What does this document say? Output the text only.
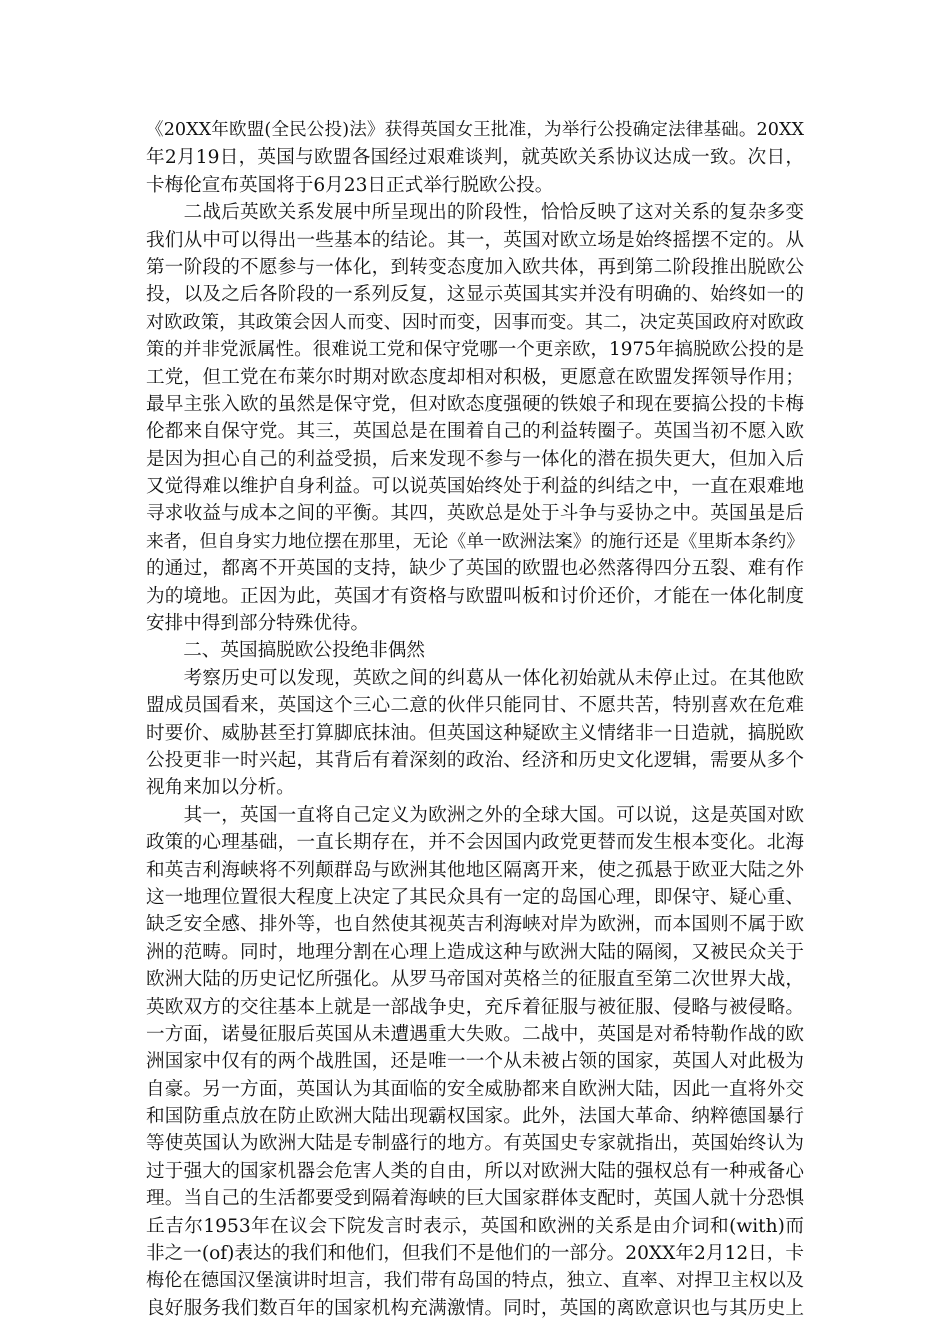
《20XX年欧盟(全民公投)法》获得英国女王批准，为举行公投确定法律基础。20XX
年2月19日，英国与欧盟各国经过艰难谈判，就英欧关系协议达成一致。次日，
卡梅伦宣布英国将于6月23日正式举行脱欧公投。
　　二战后英欧关系发展中所呈现出的阶段性，恰恰反映了这对关系的复杂多变
我们从中可以得出一些基本的结论。其一，英国对欧立场是始终摇摆不定的。从
第一阶段的不愿参与一体化，到转变态度加入欧共体，再到第二阶段推出脱欧公
投，以及之后各阶段的一系列反复，这显示英国其实并没有明确的、始终如一的
对欧政策，其政策会因人而变、因时而变，因事而变。其二，决定英国政府对欧政
策的并非党派属性。很难说工党和保守党哪一个更亲欧，1975年搞脱欧公投的是
工党，但工党在布莱尔时期对欧态度却相对积极，更愿意在欧盟发挥领导作用；
最早主张入欧的虽然是保守党，但对欧态度强硬的铁娘子和现在要搞公投的卡梅
伦都来自保守党。其三，英国总是在围着自己的利益转圈子。英国当初不愿入欧
是因为担心自己的利益受损，后来发现不参与一体化的潜在损失更大，但加入后
又觉得难以维护自身利益。可以说英国始终处于利益的纠结之中，一直在艰难地
寻求收益与成本之间的平衡。其四，英欧总是处于斗争与妥协之中。英国虽是后
来者，但自身实力地位摆在那里，无论《单一欧洲法案》的施行还是《里斯本条约》
的通过，都离不开英国的支持，缺少了英国的欧盟也必然落得四分五裂、难有作
为的境地。正因为此，英国才有资格与欧盟叫板和讨价还价，才能在一体化制度
安排中得到部分特殊优待。
　　二、英国搞脱欧公投绝非偶然
　　考察历史可以发现，英欧之间的纠葛从一体化初始就从未停止过。在其他欧
盟成员国看来，英国这个三心二意的伙伴只能同甘、不愿共苦，特别喜欢在危难
时要价、威胁甚至打算脚底抹油。但英国这种疑欧主义情绪非一日造就，搞脱欧
公投更非一时兴起，其背后有着深刻的政治、经济和历史文化逻辑，需要从多个
视角来加以分析。
　　其一，英国一直将自己定义为欧洲之外的全球大国。可以说，这是英国对欧
政策的心理基础，一直长期存在，并不会因国内政党更替而发生根本变化。北海
和英吉利海峡将不列颠群岛与欧洲其他地区隔离开来，使之孤悬于欧亚大陆之外
这一地理位置很大程度上决定了其民众具有一定的岛国心理，即保守、疑心重、
缺乏安全感、排外等，也自然使其视英吉利海峡对岸为欧洲，而本国则不属于欧
洲的范畴。同时，地理分割在心理上造成这种与欧洲大陆的隔阂，又被民众关于
欧洲大陆的历史记忆所强化。从罗马帝国对英格兰的征服直至第二次世界大战，
英欧双方的交往基本上就是一部战争史，充斥着征服与被征服、侵略与被侵略。
一方面，诺曼征服后英国从未遭遇重大失败。二战中，英国是对希特勒作战的欧
洲国家中仅有的两个战胜国，还是唯一一个从未被占领的国家，英国人对此极为
自豪。另一方面，英国认为其面临的安全威胁都来自欧洲大陆，因此一直将外交
和国防重点放在防止欧洲大陆出现霸权国家。此外，法国大革命、纳粹德国暴行
等使英国认为欧洲大陆是专制盛行的地方。有英国史专家就指出，英国始终认为
过于强大的国家机器会危害人类的自由，所以对欧洲大陆的强权总有一种戒备心
理。当自己的生活都要受到隔着海峡的巨大国家群体支配时，英国人就十分恐惧
丘吉尔1953年在议会下院发言时表示，英国和欧洲的关系是由介词和(with)而
非之一(of)表达的我们和他们，但我们不是他们的一部分。20XX年2月12日，卡
梅伦在德国汉堡演讲时坦言，我们带有岛国的特点，独立、直率、对捍卫主权以及
良好服务我们数百年的国家机构充满激情。同时，英国的离欧意识也与其历史上
